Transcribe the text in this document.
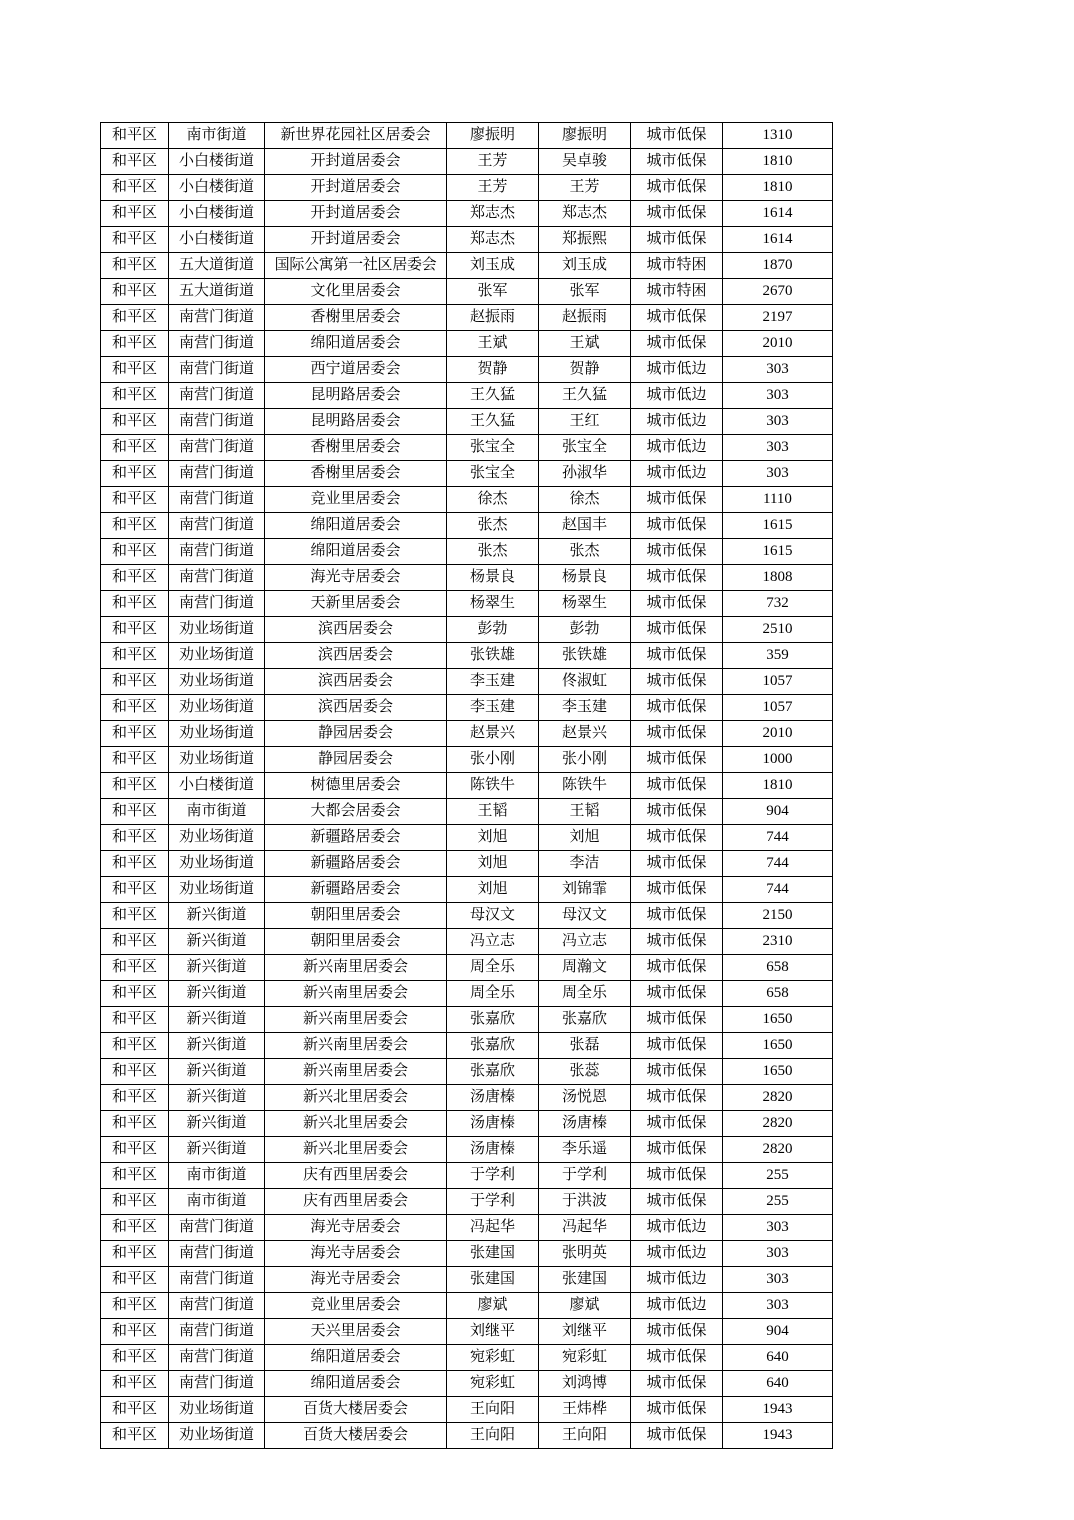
和平区	南市街道	新世界花园社区居委会	廖振明	廖振明	城市低保	1310
和平区	小白楼街道	开封道居委会	王芳	吴卓骏	城市低保	1810
和平区	小白楼街道	开封道居委会	王芳	王芳	城市低保	1810
和平区	小白楼街道	开封道居委会	郑志杰	郑志杰	城市低保	1614
和平区	小白楼街道	开封道居委会	郑志杰	郑振熙	城市低保	1614
和平区	五大道街道	国际公寓第一社区居委会	刘玉成	刘玉成	城市特困	1870
和平区	五大道街道	文化里居委会	张军	张军	城市特困	2670
和平区	南营门街道	香榭里居委会	赵振雨	赵振雨	城市低保	2197
和平区	南营门街道	绵阳道居委会	王斌	王斌	城市低保	2010
和平区	南营门街道	西宁道居委会	贺静	贺静	城市低边	303
和平区	南营门街道	昆明路居委会	王久猛	王久猛	城市低边	303
和平区	南营门街道	昆明路居委会	王久猛	王红	城市低边	303
和平区	南营门街道	香榭里居委会	张宝全	张宝全	城市低边	303
和平区	南营门街道	香榭里居委会	张宝全	孙淑华	城市低边	303
和平区	南营门街道	竞业里居委会	徐杰	徐杰	城市低保	1110
和平区	南营门街道	绵阳道居委会	张杰	赵国丰	城市低保	1615
和平区	南营门街道	绵阳道居委会	张杰	张杰	城市低保	1615
和平区	南营门街道	海光寺居委会	杨景良	杨景良	城市低保	1808
和平区	南营门街道	天新里居委会	杨翠生	杨翠生	城市低保	732
和平区	劝业场街道	滨西居委会	彭勃	彭勃	城市低保	2510
和平区	劝业场街道	滨西居委会	张铁雄	张铁雄	城市低保	359
和平区	劝业场街道	滨西居委会	李玉建	佟淑虹	城市低保	1057
和平区	劝业场街道	滨西居委会	李玉建	李玉建	城市低保	1057
和平区	劝业场街道	静园居委会	赵景兴	赵景兴	城市低保	2010
和平区	劝业场街道	静园居委会	张小刚	张小刚	城市低保	1000
和平区	小白楼街道	树德里居委会	陈铁牛	陈铁牛	城市低保	1810
和平区	南市街道	大都会居委会	王韬	王韬	城市低保	904
和平区	劝业场街道	新疆路居委会	刘旭	刘旭	城市低保	744
和平区	劝业场街道	新疆路居委会	刘旭	李洁	城市低保	744
和平区	劝业场街道	新疆路居委会	刘旭	刘锦霏	城市低保	744
和平区	新兴街道	朝阳里居委会	母汉文	母汉文	城市低保	2150
和平区	新兴街道	朝阳里居委会	冯立志	冯立志	城市低保	2310
和平区	新兴街道	新兴南里居委会	周全乐	周瀚文	城市低保	658
和平区	新兴街道	新兴南里居委会	周全乐	周全乐	城市低保	658
和平区	新兴街道	新兴南里居委会	张嘉欣	张嘉欣	城市低保	1650
和平区	新兴街道	新兴南里居委会	张嘉欣	张磊	城市低保	1650
和平区	新兴街道	新兴南里居委会	张嘉欣	张蕊	城市低保	1650
和平区	新兴街道	新兴北里居委会	汤唐榛	汤悦恩	城市低保	2820
和平区	新兴街道	新兴北里居委会	汤唐榛	汤唐榛	城市低保	2820
和平区	新兴街道	新兴北里居委会	汤唐榛	李乐遥	城市低保	2820
和平区	南市街道	庆有西里居委会	于学利	于学利	城市低保	255
和平区	南市街道	庆有西里居委会	于学利	于洪波	城市低保	255
和平区	南营门街道	海光寺居委会	冯起华	冯起华	城市低边	303
和平区	南营门街道	海光寺居委会	张建国	张明英	城市低边	303
和平区	南营门街道	海光寺居委会	张建国	张建国	城市低边	303
和平区	南营门街道	竞业里居委会	廖斌	廖斌	城市低边	303
和平区	南营门街道	天兴里居委会	刘继平	刘继平	城市低保	904
和平区	南营门街道	绵阳道居委会	宛彩虹	宛彩虹	城市低保	640
和平区	南营门街道	绵阳道居委会	宛彩虹	刘鸿博	城市低保	640
和平区	劝业场街道	百货大楼居委会	王向阳	王炜桦	城市低保	1943
和平区	劝业场街道	百货大楼居委会	王向阳	王向阳	城市低保	1943
